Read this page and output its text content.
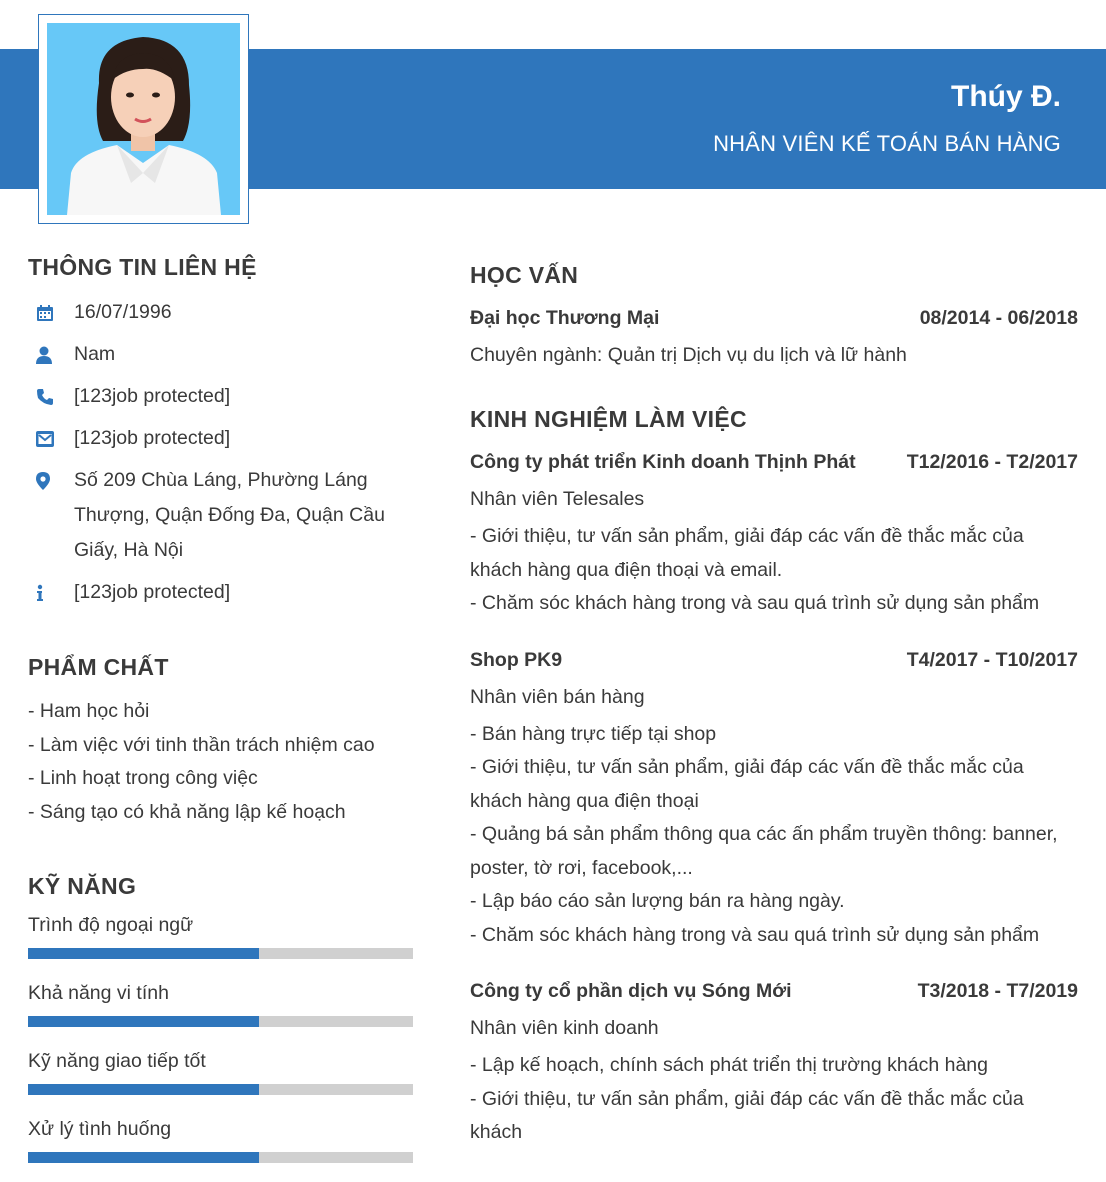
Thúy Đ.
NHÂN VIÊN KẾ TOÁN BÁN HÀNG
THÔNG TIN LIÊN HỆ
16/07/1996
Nam
[123job protected]
[123job protected]
Số 209 Chùa Láng, Phường Láng Thượng, Quận Đống Đa, Quận Cầu Giấy, Hà Nội
[123job protected]
PHẨM CHẤT
- Ham học hỏi
- Làm việc với tinh thần trách nhiệm cao
- Linh hoạt trong công việc
- Sáng tạo có khả năng lập kế hoạch
KỸ NĂNG
Trình độ ngoại ngữ
Khả năng vi tính
Kỹ năng giao tiếp tốt
Xử lý tình huống
HỌC VẤN
Đại học Thương Mại	08/2014 - 06/2018
Chuyên ngành: Quản trị Dịch vụ du lịch và lữ hành
KINH NGHIỆM LÀM VIỆC
Công ty phát triển Kinh doanh Thịnh Phát	T12/2016 - T2/2017
Nhân viên Telesales
- Giới thiệu, tư vấn sản phẩm, giải đáp các vấn đề thắc mắc của khách hàng qua điện thoại và email.
- Chăm sóc khách hàng trong và sau quá trình sử dụng sản phẩm
Shop PK9	T4/2017 - T10/2017
Nhân viên bán hàng
- Bán hàng trực tiếp tại shop
- Giới thiệu, tư vấn sản phẩm, giải đáp các vấn đề thắc mắc của khách hàng qua điện thoại
- Quảng bá sản phẩm thông qua các ấn phẩm truyền thông: banner, poster, tờ rơi, facebook,...
- Lập báo cáo sản lượng bán ra hàng ngày.
- Chăm sóc khách hàng trong và sau quá trình sử dụng sản phẩm
Công ty cổ phần dịch vụ Sóng Mới	T3/2018 - T7/2019
Nhân viên kinh doanh
- Lập kế hoạch, chính sách phát triển thị trường khách hàng
- Giới thiệu, tư vấn sản phẩm, giải đáp các vấn đề thắc mắc của khách
